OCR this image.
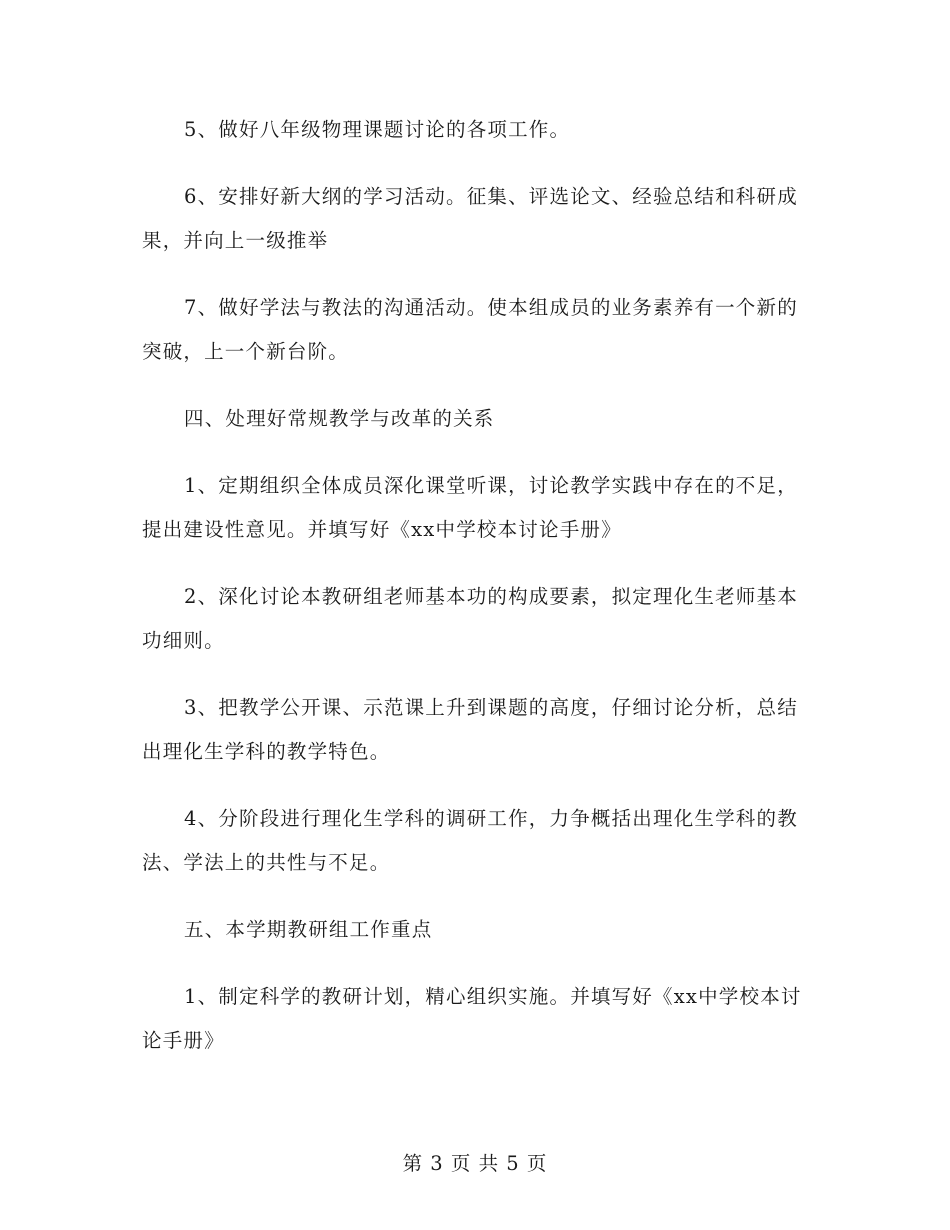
5、做好八年级物理课题讨论的各项工作。

6、安排好新大纲的学习活动。征集、评选论文、经验总结和科研成果，并向上一级推举

7、做好学法与教法的沟通活动。使本组成员的业务素养有一个新的突破，上一个新台阶。

四、处理好常规教学与改革的关系

1、定期组织全体成员深化课堂听课，讨论教学实践中存在的不足，提出建设性意见。并填写好《xx中学校本讨论手册》

2、深化讨论本教研组老师基本功的构成要素，拟定理化生老师基本功细则。

3、把教学公开课、示范课上升到课题的高度，仔细讨论分析，总结出理化生学科的教学特色。

4、分阶段进行理化生学科的调研工作，力争概括出理化生学科的教法、学法上的共性与不足。

五、本学期教研组工作重点

1、制定科学的教研计划，精心组织实施。并填写好《xx中学校本讨论手册》

第 3 页 共 5 页
